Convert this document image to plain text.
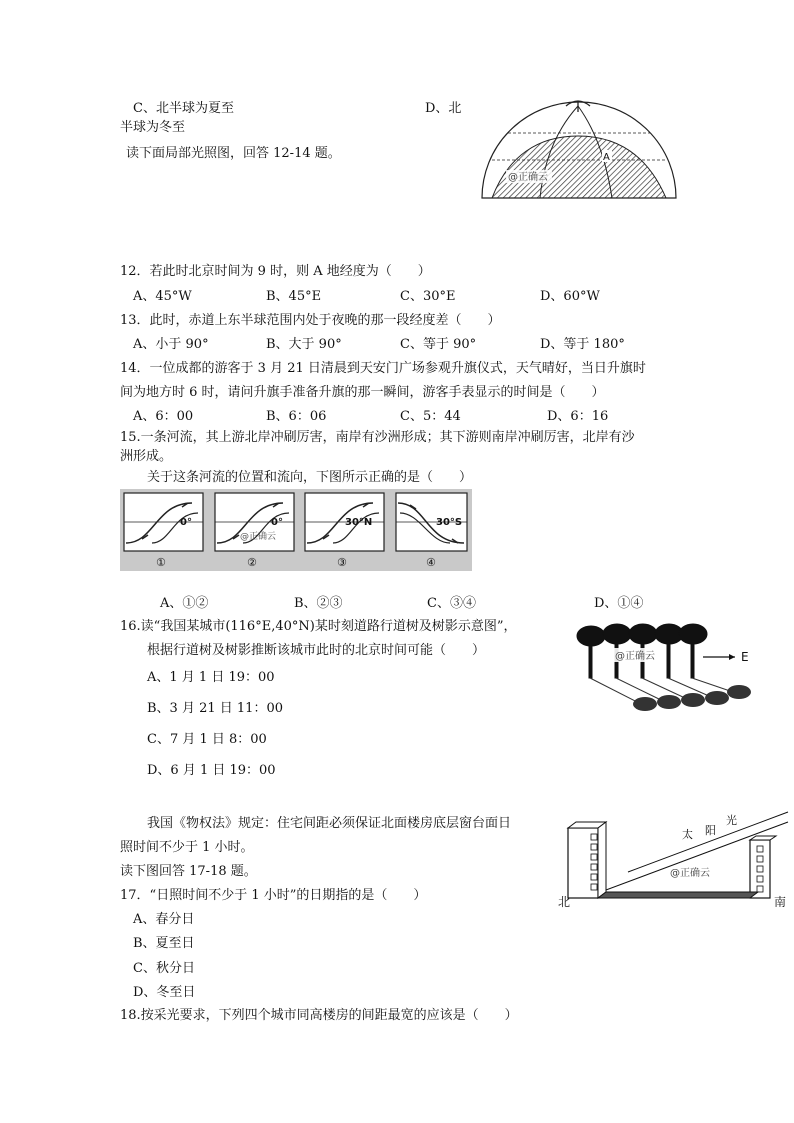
C、北半球为夏至	D、北
半球为冬至
读下面局部光照图，回答 12-14 题。
12．若此时北京时间为 9 时，则 A 地经度为（　　）
A、45°W	B、45°E	C、30°E	D、60°W
13．此时，赤道上东半球范围内处于夜晚的那一段经度差（　　）
A、小于 90°	B、大于 90°	C、等于 90°	D、等于 180°
14．一位成都的游客于 3 月 21 日清晨到天安门广场参观升旗仪式，天气晴好，当日升旗时
间为地方时 6 时，请问升旗手准备升旗的那一瞬间，游客手表显示的时间是（　　）
A、6：00	B、6：06	C、5：44	D、6：16
15.一条河流，其上游北岸冲刷厉害，南岸有沙洲形成；其下游则南岸冲刷厉害，北岸有沙
洲形成。
关于这条河流的位置和流向，下图所示正确的是（　　）
0°	0°
@正确云
30°N	30°S
①	②	③	④
A、①②	B、②③	C、③④	D、①④
16.读“我国某城市(116°E,40°N)某时刻道路行道树及树影示意图”，
根据行道树及树影推断该城市此时的北京时间可能（　　）
A、1 月 1 日 19：00
B、3 月 21 日 11：00
C、7 月 1 日 8：00
D、6 月 1 日 19：00
我国《物权法》规定：住宅间距必须保证北面楼房底层窗台面日
照时间不少于 1 小时。
读下图回答 17-18 题。
17．“日照时间不少于 1 小时”的日期指的是（　　）
A、春分日
B、夏至日
C、秋分日
D、冬至日
18.按采光要求，下列四个城市同高楼房的间距最宽的应该是（　　）
A
@正确云
@正确云	E
太 阳
光
@正确云
北	南
